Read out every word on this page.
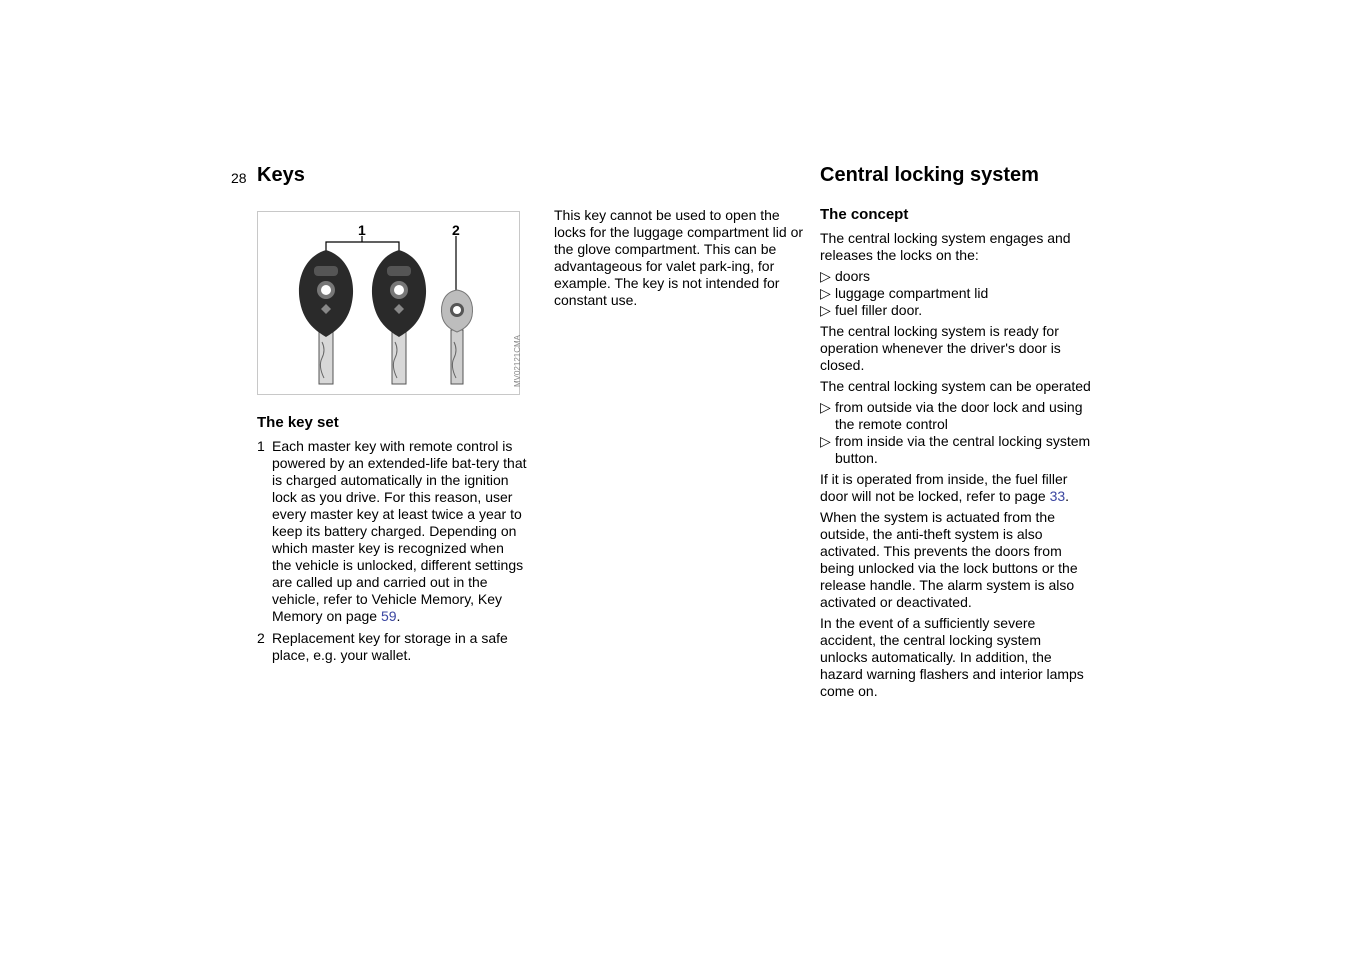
28 Keys
1	2
MV02121CMA
The key set
1 Each master key with remote control is powered by an extended-life bat-tery that is charged automatically in the ignition lock as you drive. For this reason, user every master key at least twice a year to keep its battery charged. Depending on which master key is recognized when the vehicle is unlocked, different settings are called up and carried out in the vehicle, refer to Vehicle Memory, Key Memory on page 59.
2 Replacement key for storage in a safe place, e.g. your wallet.

This key cannot be used to open the locks for the luggage compartment lid or the glove compartment. This can be advantageous for valet park-ing, for example. The key is not intended for constant use.

Central locking system
The concept

The central locking system engages and releases the locks on the:

▷ doors
▷ luggage compartment lid
▷ fuel filler door.

The central locking system is ready for operation whenever the driver's door is closed.

The central locking system can be operated

▷ from outside via the door lock and using the remote control
▷ from inside via the central locking system button.

If it is operated from inside, the fuel filler door will not be locked, refer to page 33.

When the system is actuated from the outside, the anti-theft system is also activated. This prevents the doors from being unlocked via the lock buttons or the release handle. The alarm system is also activated or deactivated.

In the event of a sufficiently severe accident, the central locking system unlocks automatically. In addition, the hazard warning flashers and interior lamps come on.
